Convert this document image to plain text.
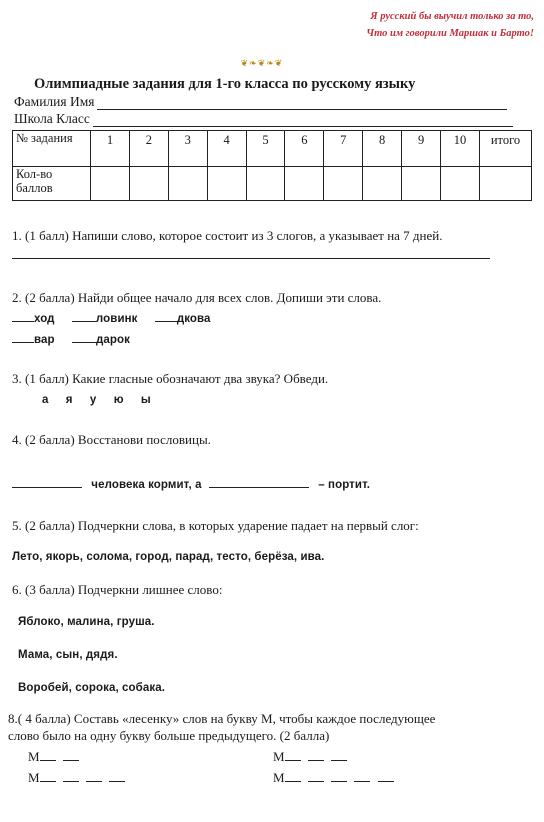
Я русский бы выучил только за то,
Что им говорили Маршак и Барто!
❦❧❦❧❦
Олимпиадные задания для 1-го класса по русскому языку
Фамилия Имя
Школа Класс
№ задания	1	2	3	4	5	6	7	8	9	10	итого
Кол-во баллов											
1. (1 балл) Напиши слово, которое состоит из 3 слогов, а указывает на 7 дней.
2. (2 балла) Найди общее начало для всех слов. Допиши эти слова.
ход	ловинк	дкова
вар	дарок
3. (1 балл) Какие гласные обозначают два звука? Обведи.
а я у ю ы
4. (2 балла) Восстанови пословицы.
человека кормит, а	– портит.
5. (2 балла) Подчеркни слова, в которых ударение падает на первый слог:
Лето, якорь, солома, город, парад, тесто, берёза, ива.
6. (3 балла) Подчеркни лишнее слово:
Яблоко, малина, груша.
Мама, сын, дядя.
Воробей, сорока, собака.
8.( 4 балла) Составь «лесенку» слов на букву М, чтобы каждое последующее
слово было на одну букву больше предыдущего. (2 балла)
М
М
М
М
